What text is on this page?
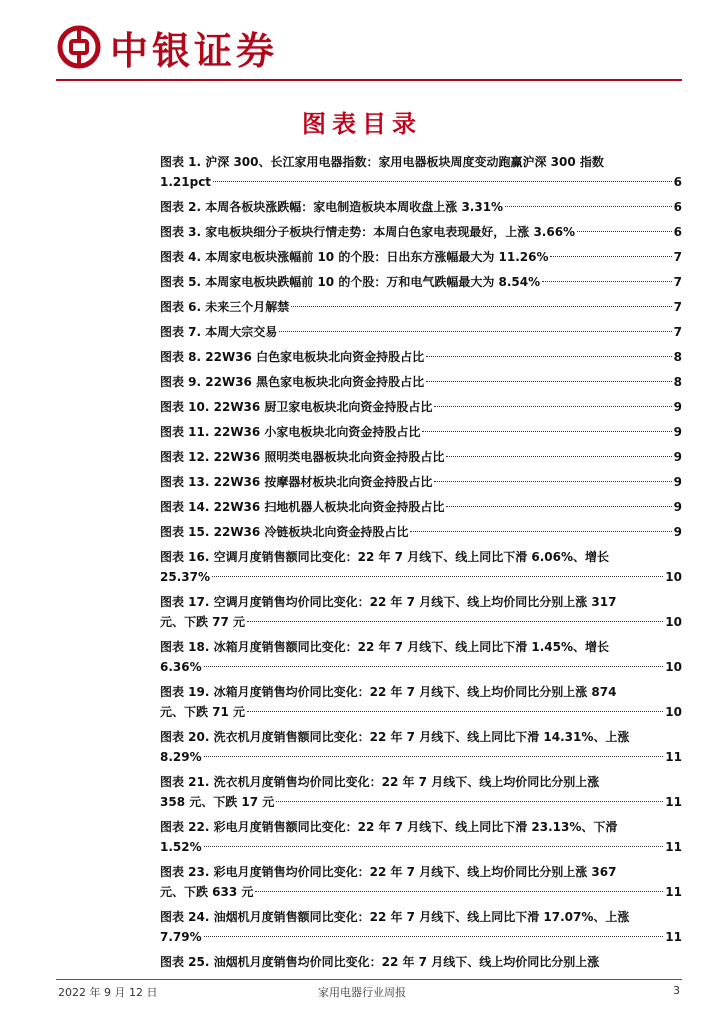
中银证券
图表目录
图表 1. 沪深 300、长江家用电器指数：家用电器板块周度变动跑赢沪深 300 指数
1.21pct	6
图表 2. 本周各板块涨跌幅：家电制造板块本周收盘上涨 3.31%	6
图表 3. 家电板块细分子板块行情走势：本周白色家电表现最好，上涨 3.66%	6
图表 4. 本周家电板块涨幅前 10 的个股：日出东方涨幅最大为 11.26%	7
图表 5. 本周家电板块跌幅前 10 的个股：万和电气跌幅最大为 8.54%	7
图表 6. 未来三个月解禁	7
图表 7. 本周大宗交易	7
图表 8. 22W36 白色家电板块北向资金持股占比	8
图表 9. 22W36 黑色家电板块北向资金持股占比	8
图表 10. 22W36 厨卫家电板块北向资金持股占比	9
图表 11. 22W36 小家电板块北向资金持股占比	9
图表 12. 22W36 照明类电器板块北向资金持股占比	9
图表 13. 22W36 按摩器材板块北向资金持股占比	9
图表 14. 22W36 扫地机器人板块北向资金持股占比	9
图表 15. 22W36 冷链板块北向资金持股占比	9
图表 16. 空调月度销售额同比变化：22 年 7 月线下、线上同比下滑 6.06%、增长
25.37%	10
图表 17. 空调月度销售均价同比变化：22 年 7 月线下、线上均价同比分别上涨 317
元、下跌 77 元	10
图表 18. 冰箱月度销售额同比变化：22 年 7 月线下、线上同比下滑 1.45%、增长
6.36%	10
图表 19. 冰箱月度销售均价同比变化：22 年 7 月线下、线上均价同比分别上涨 874
元、下跌 71 元	10
图表 20. 洗衣机月度销售额同比变化：22 年 7 月线下、线上同比下滑 14.31%、上涨
8.29%	11
图表 21. 洗衣机月度销售均价同比变化：22 年 7 月线下、线上均价同比分别上涨
358 元、下跌 17 元	11
图表 22. 彩电月度销售额同比变化：22 年 7 月线下、线上同比下滑 23.13%、下滑
1.52%	11
图表 23. 彩电月度销售均价同比变化：22 年 7 月线下、线上均价同比分别上涨 367
元、下跌 633 元	11
图表 24. 油烟机月度销售额同比变化：22 年 7 月线下、线上同比下滑 17.07%、上涨
7.79%	11
图表 25. 油烟机月度销售均价同比变化：22 年 7 月线下、线上均价同比分别上涨
2022 年 9 月 12 日	家用电器行业周报	3
